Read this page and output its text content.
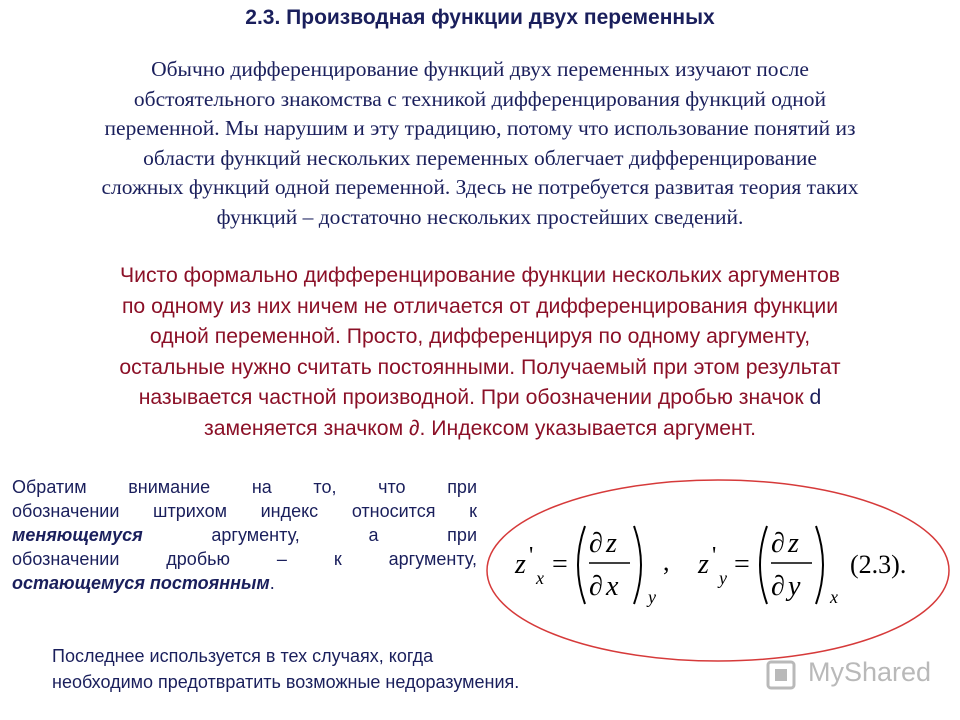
2.3. Производная функции двух переменных
Обычно дифференцирование функций двух переменных изучают после
обстоятельного знакомства с техникой дифференцирования функций одной
переменной. Мы нарушим и эту традицию, потому что использование понятий из
области функций нескольких переменных облегчает дифференцирование
сложных функций одной переменной. Здесь не потребуется развитая теория таких
функций – достаточно нескольких простейших сведений.
Чисто формально дифференцирование функции нескольких аргументов
по одному из них ничем не отличается от дифференцирования функции
одной переменной. Просто, дифференцируя по одному аргументу,
остальные нужно считать постоянными. Получаемый при этом результат
называется частной производной. При обозначении дробью значок d
заменяется значком ∂. Индексом указывается аргумент.
Обратим внимание на то, что при
обозначении штрихом индекс относится к
меняющемуся аргументу, а при
обозначении дробью – к аргументу,
остающемуся постоянным.
z '
x =
∂ z
∂ x y
, z '
y =
∂ z
∂ y x
(2.3).
Последнее используется в тех случаях, когда
необходимо предотвратить возможные недоразумения.	MyShared
